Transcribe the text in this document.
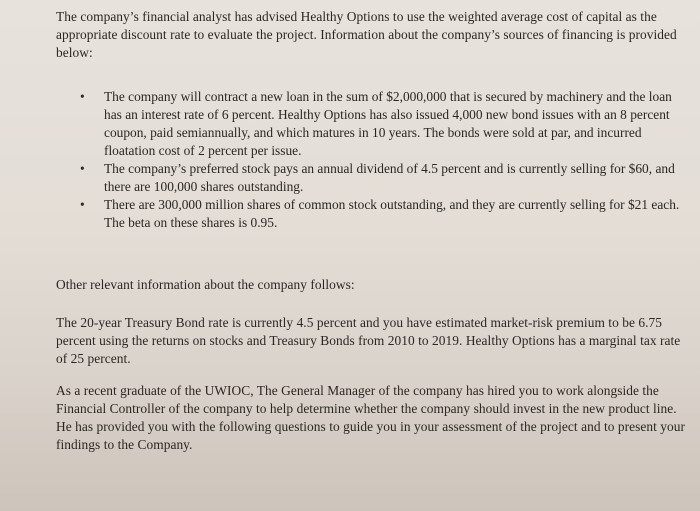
The company’s financial analyst has advised Healthy Options to use the weighted average cost of capital as the appropriate discount rate to evaluate the project. Information about the company’s sources of financing is provided below:

• The company will contract a new loan in the sum of $2,000,000 that is secured by machinery and the loan has an interest rate of 6 percent. Healthy Options has also issued 4,000 new bond issues with an 8 percent coupon, paid semiannually, and which matures in 10 years. The bonds were sold at par, and incurred floatation cost of 2 percent per issue.
• The company’s preferred stock pays an annual dividend of 4.5 percent and is currently selling for $60, and there are 100,000 shares outstanding.
• There are 300,000 million shares of common stock outstanding, and they are currently selling for $21 each. The beta on these shares is 0.95.

Other relevant information about the company follows:

The 20-year Treasury Bond rate is currently 4.5 percent and you have estimated market-risk premium to be 6.75 percent using the returns on stocks and Treasury Bonds from 2010 to 2019. Healthy Options has a marginal tax rate of 25 percent.

As a recent graduate of the UWIOC, The General Manager of the company has hired you to work alongside the Financial Controller of the company to help determine whether the company should invest in the new product line. He has provided you with the following questions to guide you in your assessment of the project and to present your findings to the Company.
